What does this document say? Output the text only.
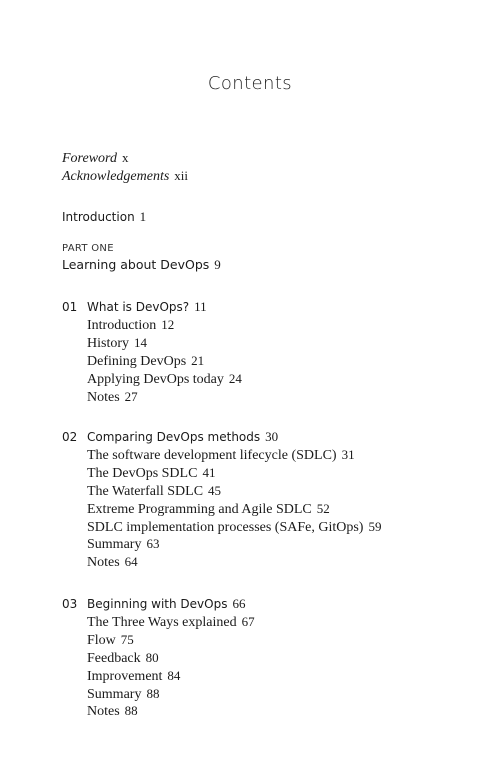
Contents
Foreword x
Acknowledgements xii
Introduction 1
PART ONE
Learning about DevOps 9
01 What is DevOps? 11
Introduction 12
History 14
Defining DevOps 21
Applying DevOps today 24
Notes 27
02 Comparing DevOps methods 30
The software development lifecycle (SDLC) 31
The DevOps SDLC 41
The Waterfall SDLC 45
Extreme Programming and Agile SDLC 52
SDLC implementation processes (SAFe, GitOps) 59
Summary 63
Notes 64
03 Beginning with DevOps 66
The Three Ways explained 67
Flow 75
Feedback 80
Improvement 84
Summary 88
Notes 88
